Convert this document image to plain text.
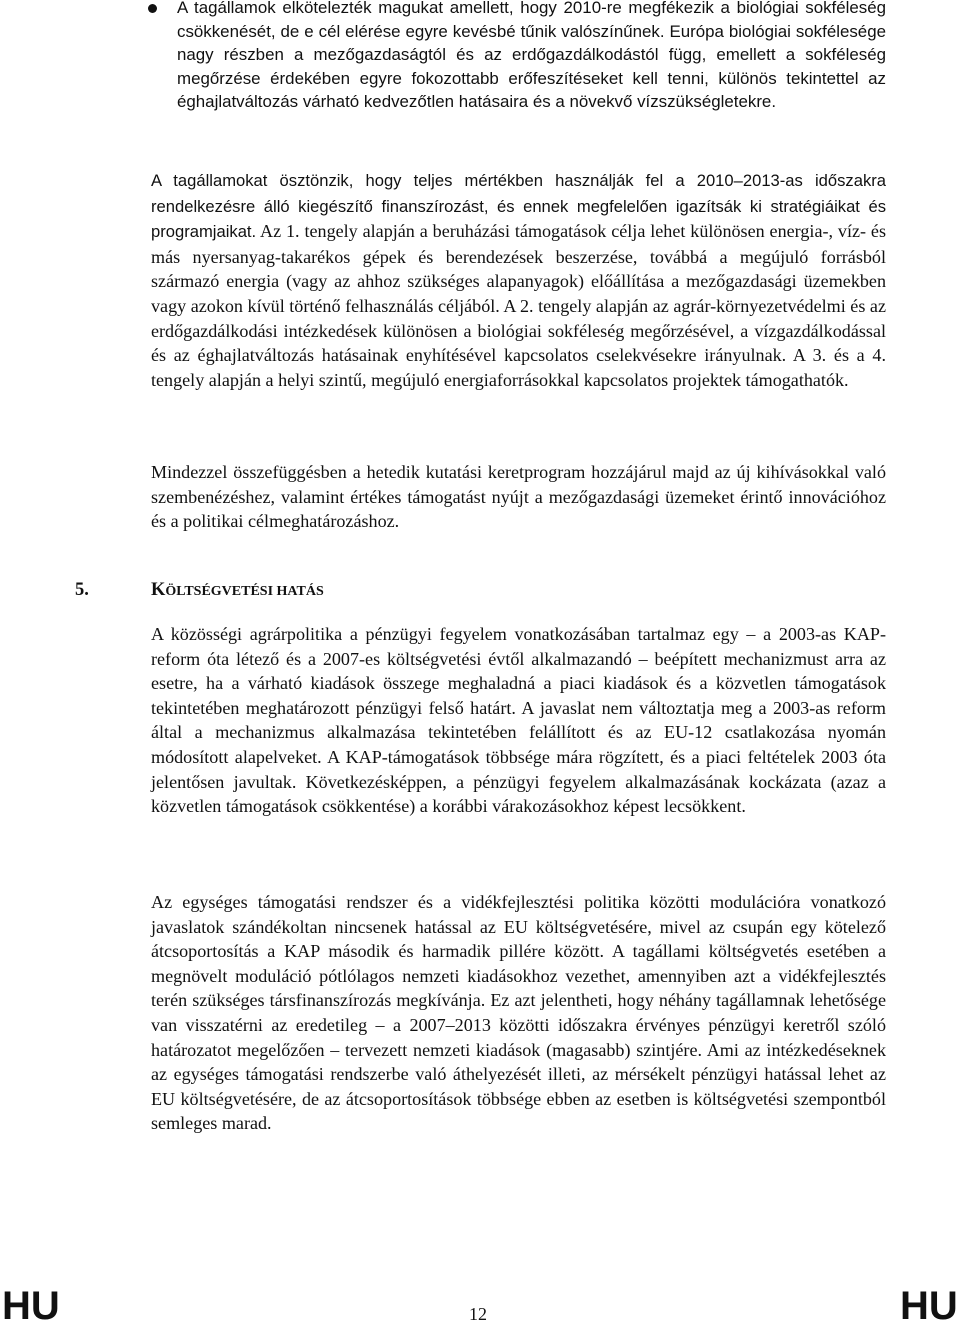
A tagállamok elkötelezték magukat amellett, hogy 2010-re megfékezik a biológiai sokféleség csökkenését, de e cél elérése egyre kevésbé tűnik valószínűnek. Európa biológiai sokfélesége nagy részben a mezőgazdaságtól és az erdőgazdálkodástól függ, emellett a sokféleség megőrzése érdekében egyre fokozottabb erőfeszítéseket kell tenni, különös tekintettel az éghajlatváltozás várható kedvezőtlen hatásaira és a növekvő vízszükségletekre.

A tagállamokat ösztönzik, hogy teljes mértékben használják fel a 2010–2013-as időszakra rendelkezésre álló kiegészítő finanszírozást, és ennek megfelelően igazítsák ki stratégiáikat és programjaikat. Az 1. tengely alapján a beruházási támogatások célja lehet különösen energia-, víz- és más nyersanyag-takarékos gépek és berendezések beszerzése, továbbá a megújuló forrásból származó energia (vagy az ahhoz szükséges alapanyagok) előállítása a mezőgazdasági üzemekben vagy azokon kívül történő felhasználás céljából. A 2. tengely alapján az agrár-környezetvédelmi és az erdőgazdálkodási intézkedések különösen a biológiai sokféleség megőrzésével, a vízgazdálkodással és az éghajlatváltozás hatásainak enyhítésével kapcsolatos cselekvésekre irányulnak. A 3. és a 4. tengely alapján a helyi szintű, megújuló energiaforrásokkal kapcsolatos projektek támogathatók.

Mindezzel összefüggésben a hetedik kutatási keretprogram hozzájárul majd az új kihívásokkal való szembenézéshez, valamint értékes támogatást nyújt a mezőgazdasági üzemeket érintő innovációhoz és a politikai célmeghatározáshoz.

5.	KÖLTSÉGVETÉSI HATÁS

A közösségi agrárpolitika a pénzügyi fegyelem vonatkozásában tartalmaz egy – a 2003-as KAP-reform óta létező és a 2007-es költségvetési évtől alkalmazandó – beépített mechanizmust arra az esetre, ha a várható kiadások összege meghaladná a piaci kiadások és a közvetlen támogatások tekintetében meghatározott pénzügyi felső határt. A javaslat nem változtatja meg a 2003-as reform által a mechanizmus alkalmazása tekintetében felállított és az EU-12 csatlakozása nyomán módosított alapelveket. A KAP-támogatások többsége mára rögzített, és a piaci feltételek 2003 óta jelentősen javultak. Következésképpen, a pénzügyi fegyelem alkalmazásának kockázata (azaz a közvetlen támogatások csökkentése) a korábbi várakozásokhoz képest lecsökkent.

Az egységes támogatási rendszer és a vidékfejlesztési politika közötti modulációra vonatkozó javaslatok szándékoltan nincsenek hatással az EU költségvetésére, mivel az csupán egy kötelező átcsoportosítás a KAP második és harmadik pillére között. A tagállami költségvetés esetében a megnövelt moduláció pótlólagos nemzeti kiadásokhoz vezethet, amennyiben azt a vidékfejlesztés terén szükséges társfinanszírozás megkívánja. Ez azt jelentheti, hogy néhány tagállamnak lehetősége van visszatérni az eredetileg – a 2007–2013 közötti időszakra érvényes pénzügyi keretről szóló határozatot megelőzően – tervezett nemzeti kiadások (magasabb) szintjére. Ami az intézkedéseknek az egységes támogatási rendszerbe való áthelyezését illeti, az mérsékelt pénzügyi hatással lehet az EU költségvetésére, de az átcsoportosítások többsége ebben az esetben is költségvetési szempontból semleges marad.

HU	12	HU
